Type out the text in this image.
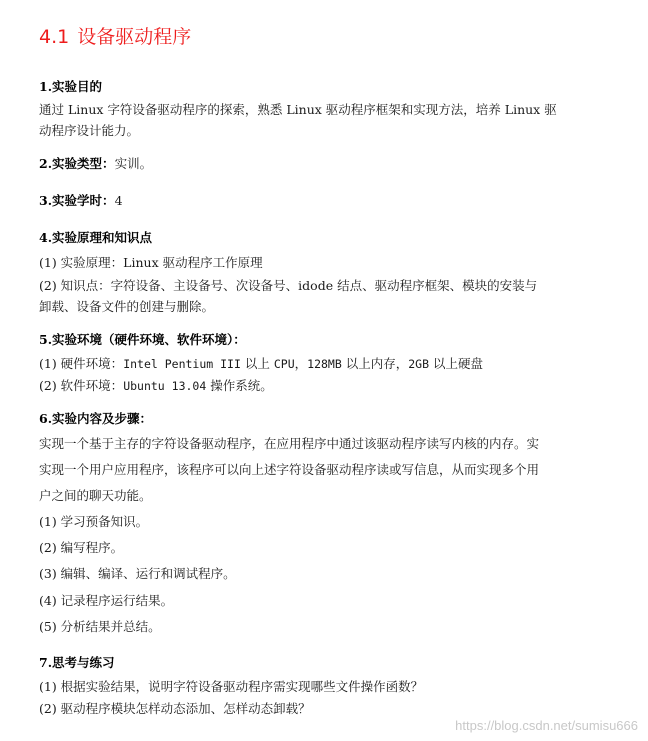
4.1 设备驱动程序
1.实验目的
通过 Linux 字符设备驱动程序的探索，熟悉 Linux 驱动程序框架和实现方法，培养 Linux 驱
动程序设计能力。
2.实验类型：实训。
3.实验学时：4
4.实验原理和知识点
(1) 实验原理：Linux 驱动程序工作原理
(2) 知识点：字符设备、主设备号、次设备号、idode 结点、驱动程序框架、模块的安装与
卸载、设备文件的创建与删除。
5.实验环境（硬件环境、软件环境）：
(1) 硬件环境：Intel Pentium III 以上 CPU，128MB 以上内存，2GB 以上硬盘
(2) 软件环境：Ubuntu 13.04 操作系统。
6.实验内容及步骤：
实现一个基于主存的字符设备驱动程序，在应用程序中通过该驱动程序读写内核的内存。实
实现一个用户应用程序，该程序可以向上述字符设备驱动程序读或写信息，从而实现多个用
户之间的聊天功能。
(1) 学习预备知识。
(2) 编写程序。
(3) 编辑、编译、运行和调试程序。
(4) 记录程序运行结果。
(5) 分析结果并总结。
7.思考与练习
(1) 根据实验结果，说明字符设备驱动程序需实现哪些文件操作函数？
(2) 驱动程序模块怎样动态添加、怎样动态卸载？
https://blog.csdn.net/sumisu666
